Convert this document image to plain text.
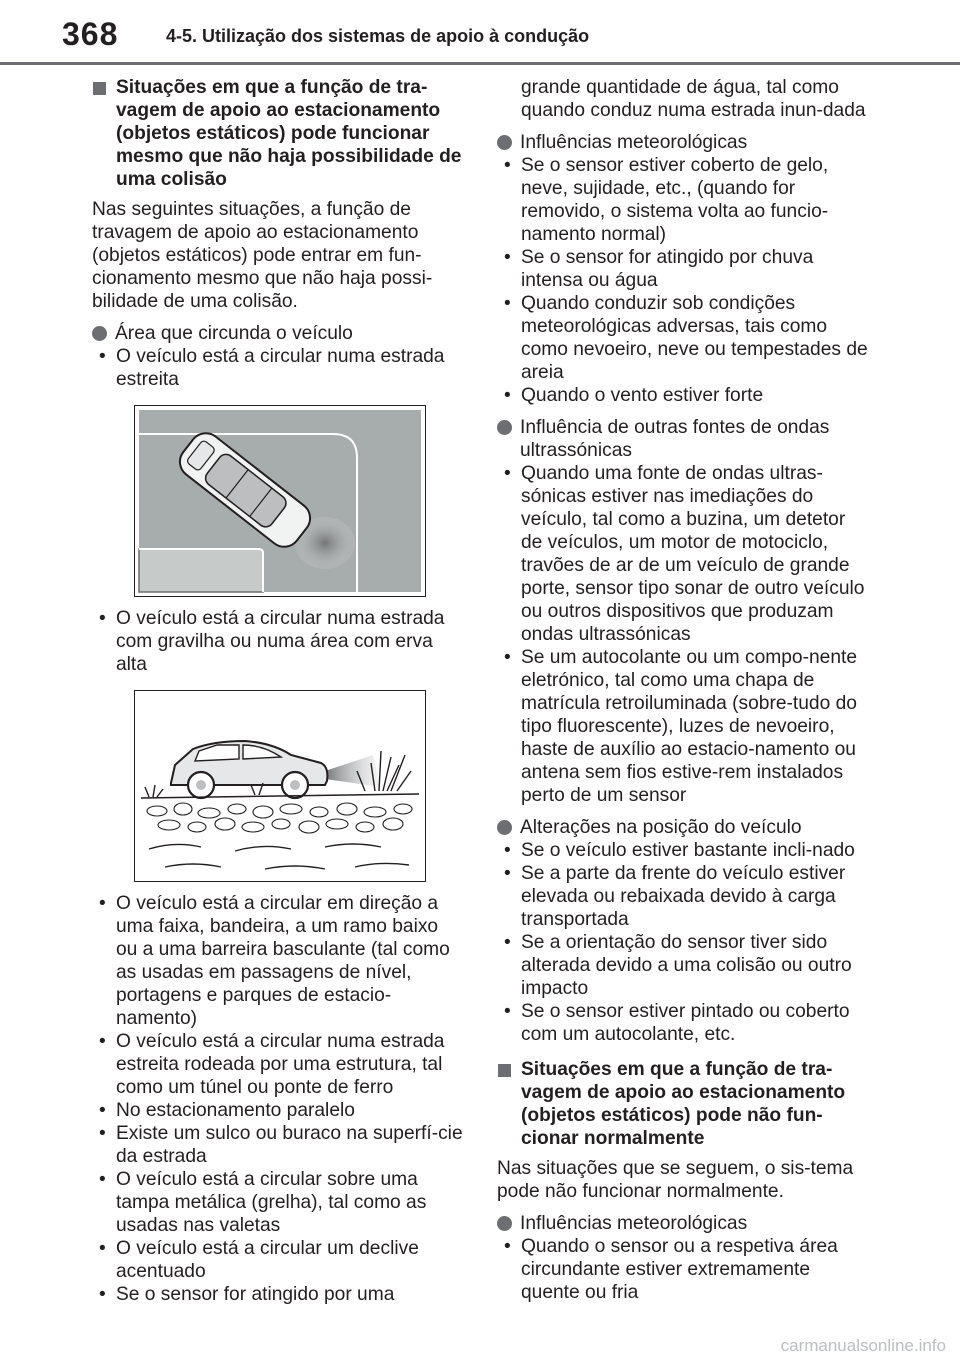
368	4-5. Utilização dos sistemas de apoio à condução
Situações em que a função de tra-vagem de apoio ao estacionamento (objetos estáticos) pode funcionar mesmo que não haja possibilidade de uma colisão
Nas seguintes situações, a função de travagem de apoio ao estacionamento (objetos estáticos) pode entrar em fun-cionamento mesmo que não haja possi-bilidade de uma colisão.
Área que circunda o veículo
• O veículo está a circular numa estrada estreita
• O veículo está a circular numa estrada com gravilha ou numa área com erva alta
• O veículo está a circular em direção a uma faixa, bandeira, a um ramo baixo ou a uma barreira basculante (tal como as usadas em passagens de nível, portagens e parques de estacio-namento)
• O veículo está a circular numa estrada estreita rodeada por uma estrutura, tal como um túnel ou ponte de ferro
• No estacionamento paralelo
• Existe um sulco ou buraco na superfí-cie da estrada
• O veículo está a circular sobre uma tampa metálica (grelha), tal como as usadas nas valetas
• O veículo está a circular um declive acentuado
• Se o sensor for atingido por uma
grande quantidade de água, tal como quando conduz numa estrada inun-dada
Influências meteorológicas
• Se o sensor estiver coberto de gelo, neve, sujidade, etc., (quando for removido, o sistema volta ao funcio-namento normal)
• Se o sensor for atingido por chuva intensa ou água
• Quando conduzir sob condições meteorológicas adversas, tais como como nevoeiro, neve ou tempestades de areia
• Quando o vento estiver forte
Influência de outras fontes de ondas ultrassónicas
• Quando uma fonte de ondas ultras-sónicas estiver nas imediações do veículo, tal como a buzina, um detetor de veículos, um motor de motociclo, travões de ar de um veículo de grande porte, sensor tipo sonar de outro veículo ou outros dispositivos que produzam ondas ultrassónicas
• Se um autocolante ou um compo-nente eletrónico, tal como uma chapa de matrícula retroiluminada (sobre-tudo do tipo fluorescente), luzes de nevoeiro, haste de auxílio ao estacio-namento ou antena sem fios estive-rem instalados perto de um sensor
Alterações na posição do veículo
• Se o veículo estiver bastante incli-nado
• Se a parte da frente do veículo estiver elevada ou rebaixada devido à carga transportada
• Se a orientação do sensor tiver sido alterada devido a uma colisão ou outro impacto
• Se o sensor estiver pintado ou coberto com um autocolante, etc.
Situações em que a função de tra-vagem de apoio ao estacionamento (objetos estáticos) pode não fun-cionar normalmente
Nas situações que se seguem, o sis-tema pode não funcionar normalmente.
Influências meteorológicas
• Quando o sensor ou a respetiva área circundante estiver extremamente quente ou fria
carmanualsonline.info
